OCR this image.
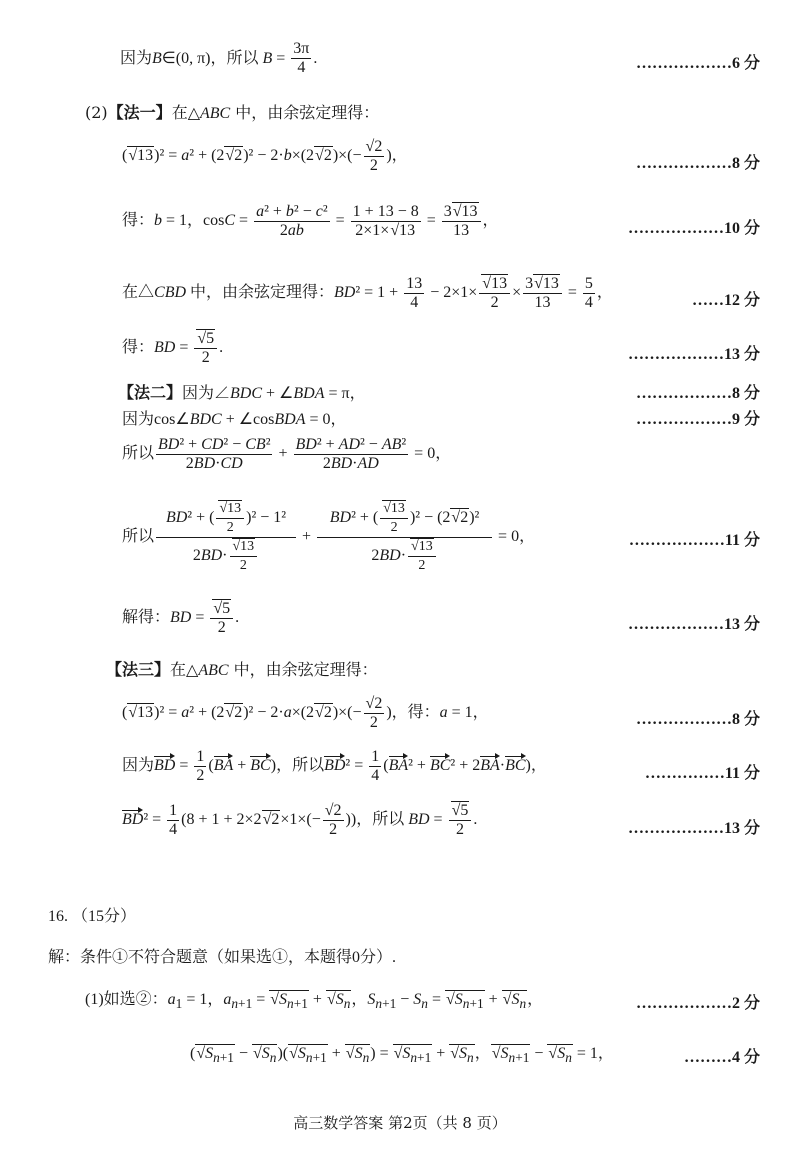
因为B∈(0, π)，所以 $B = \frac{3\pi}{4}$ .	………………6 分
(2)【法一】在△ABC 中，由余弦定理得：
$(√13)^2 = a^2 + (2√2)^2 - 2\cdot b\times(2√2)\times(- \frac{√2}{2}$ )，	………………8 分
得：b = 1，$\cos C = \frac{\text{a² + b² − c²}}{2ab} = \frac{1 + 13 - 8}{2\times 1\times√13} = \frac{3√13}{13}$ ，	………………10 分
在△CBD 中，由余弦定理得：$BD^2 = 1 + \frac{13}{4} - 2\times 1\times \frac{√13}{2} \times \frac{3√13}{13} = \frac{5}{4}$ ，	……12 分
得：BD = $\frac{√5}{2}$ .	………………13 分
【法二】因为∠BDC + ∠BDA = π，	………………8 分
因为cos∠BDC + ∠cosBDA = 0，	………………9 分
所以 $\frac{\text{BD² + CD² − CB²}}{2BD\cdot CD} + \frac{\text{BD² + AD² − AB²}}{2BD\cdot AD} = 0$，
所以 $\frac{BD^2 + ( \frac{√13}{2} )^2 - 1^2}{2BD\cdot \frac{√13}{2}} + \frac{BD^2 + ( \frac{√13}{2} )^2 - (2√2)^2}{2BD\cdot \frac{√13}{2}} = 0$，	………………11 分
解得：BD = $\frac{√5}{2}$ .	………………13 分
【法三】在△ABC 中，由余弦定理得：
$(√13)^2 = a^2 + (2√2)^2 - 2\cdot a\times(2√2)\times(- \frac{√2}{2}$ )，得：a = 1，	………………8 分
因为BD = $\frac{1}{2} (BA + BC)$，所以$BD^2 = \frac{1}{4} (BA^2 + BC^2 + 2BA\cdot BC)$，	……………11 分
$BD^2 = \frac{1}{4} (8 + 1 + 2\times 2√2\times 1\times(- \frac{√2}{2}$ ))，所以 BD = $\frac{√5}{2}$ .
………………13 分
16. （15分）
解：条件①不符合题意（如果选①，本题得0分）.
(1)如选②：$a_1 = 1$，$a_{n+1} = √S_{n+1} + √S_n$，$S_{n+1} - S_n = √S_{n+1} + √S_n$，	………………2 分
$(√S_{n+1} - √S_n)(√S_{n+1} + √S_n) = √S_{n+1} + √S_n$，$√S_{n+1} - √S_n = 1$，	………4 分
高三数学答案 第2页（共 8 页）
